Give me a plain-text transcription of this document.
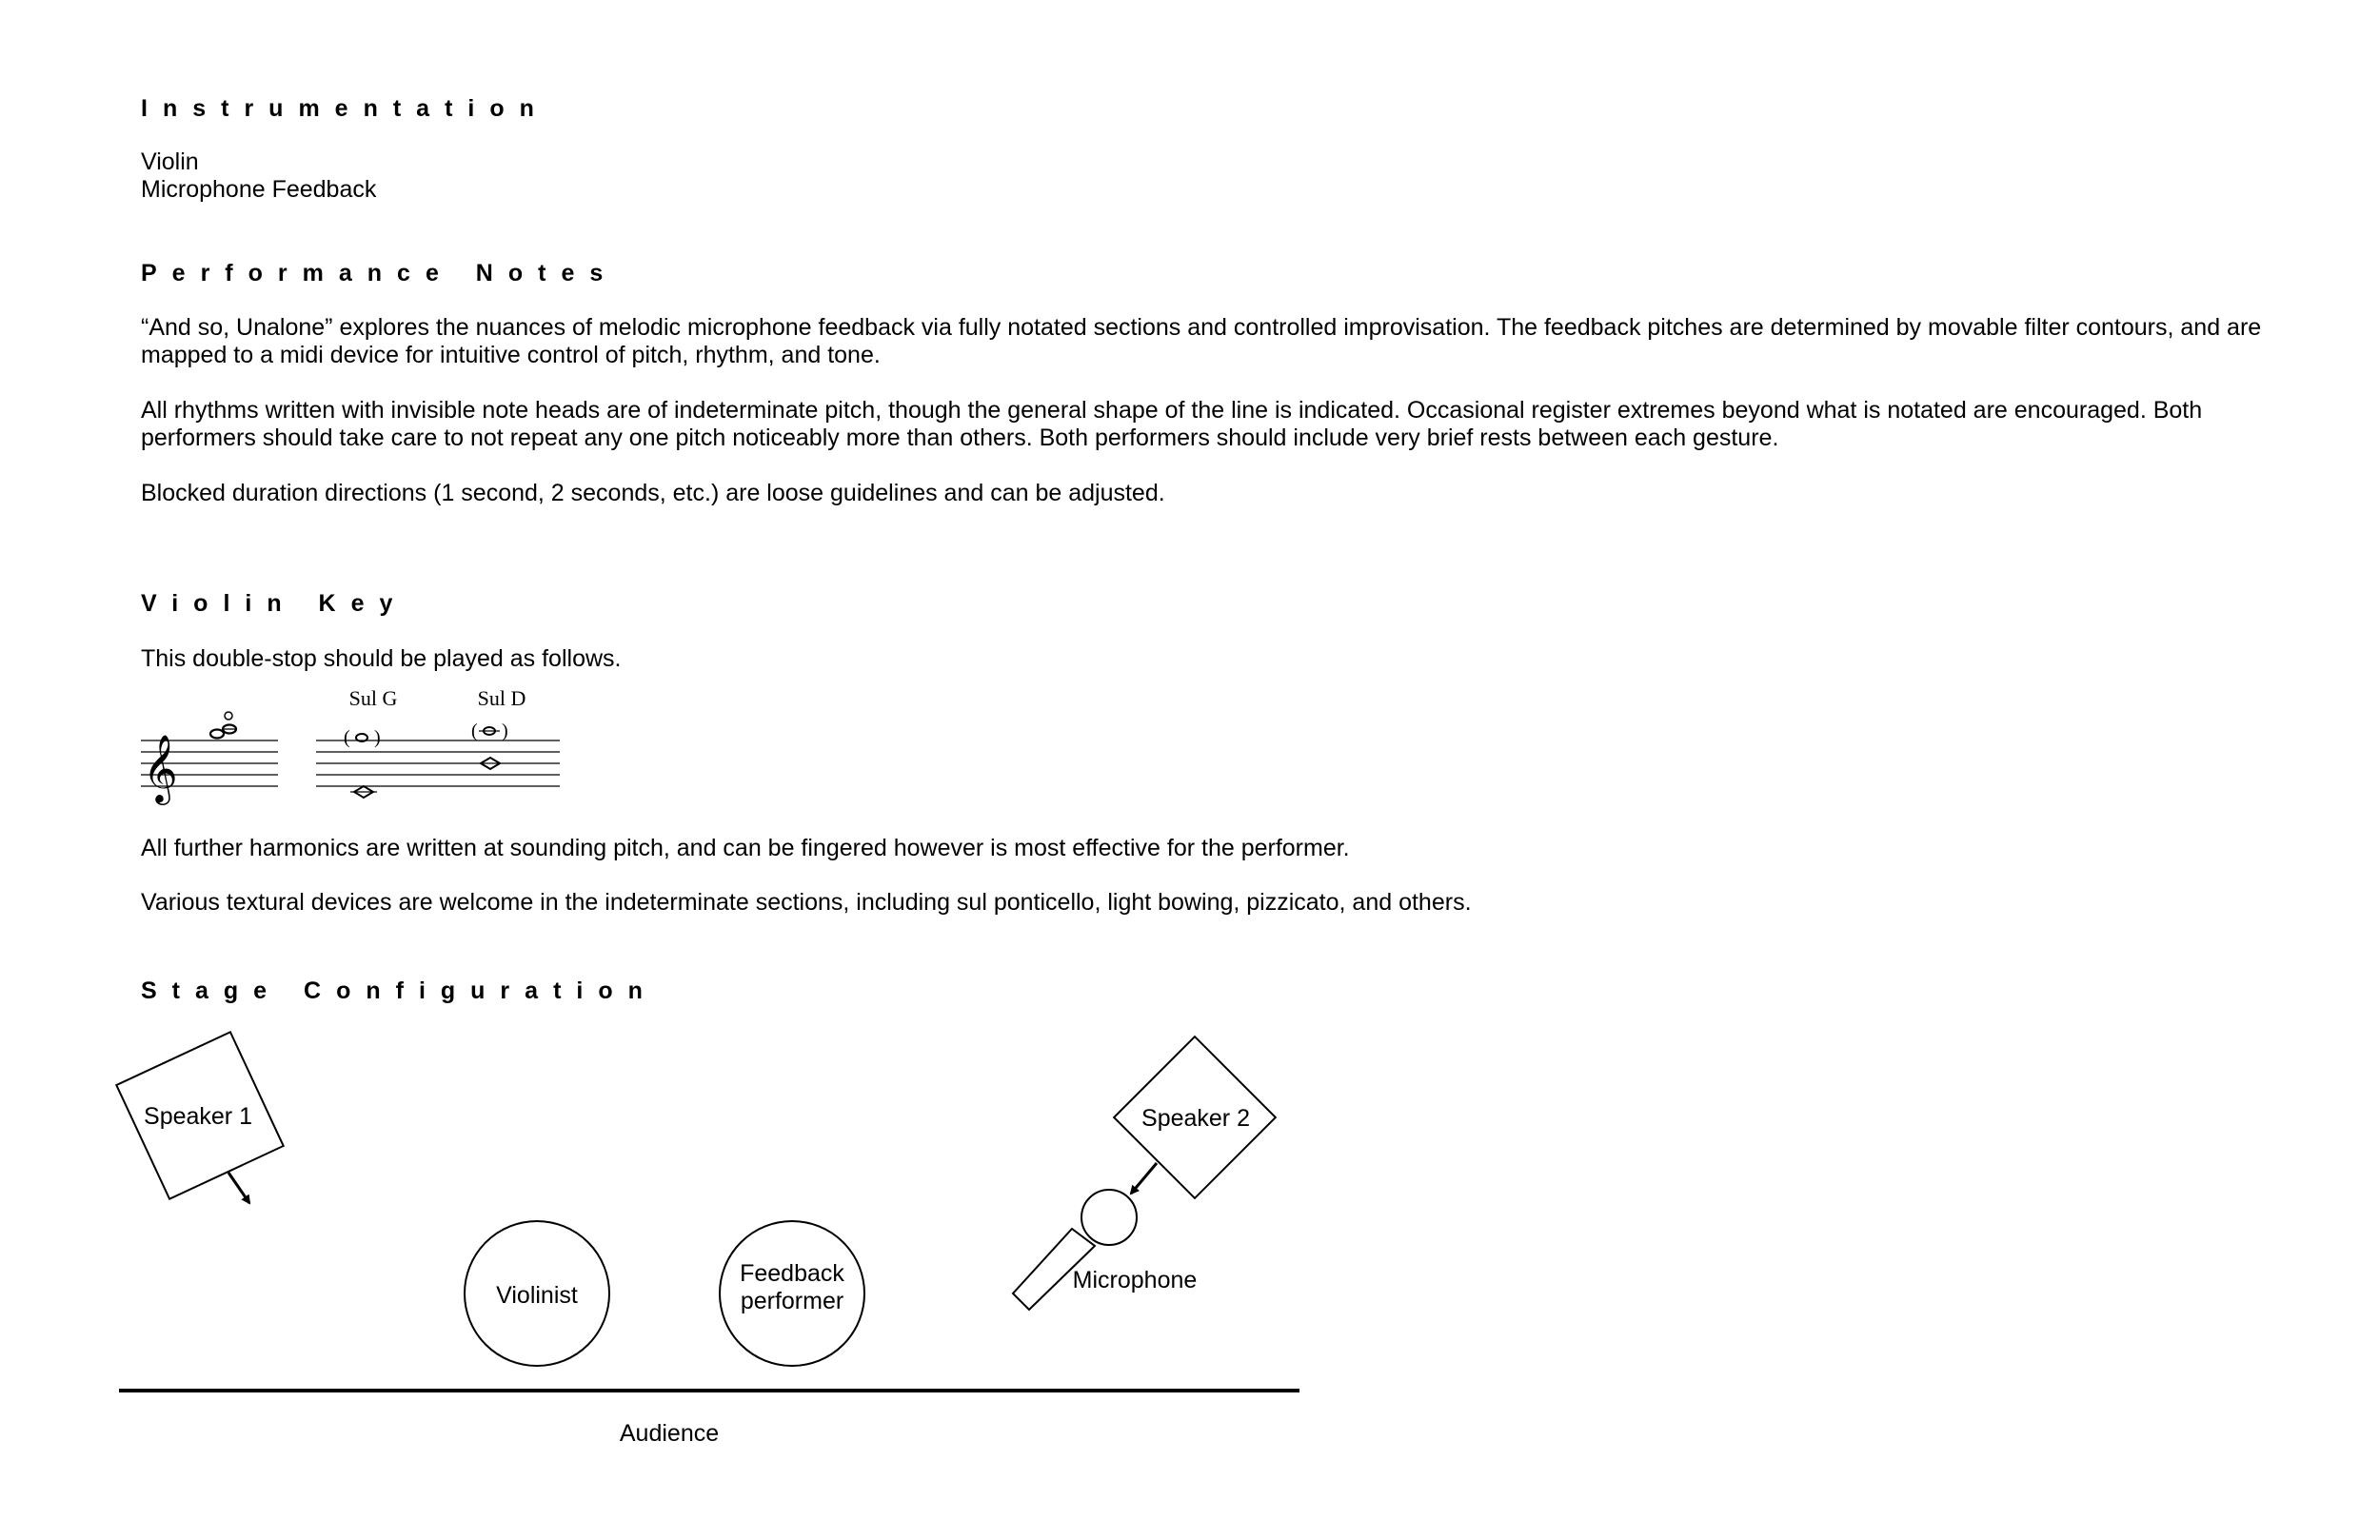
Instrumentation
Violin
Microphone Feedback
Performance Notes
“And so, Unalone” explores the nuances of melodic microphone feedback via fully notated sections and controlled improvisation. The feedback pitches are determined by movable filter contours, and are mapped to a midi device for intuitive control of pitch, rhythm, and tone.
All rhythms written with invisible note heads are of indeterminate pitch, though the general shape of the line is indicated. Occasional register extremes beyond what is notated are encouraged. Both performers should take care to not repeat any one pitch noticeably more than others. Both performers should include very brief rests between each gesture.
Blocked duration directions (1 second, 2 seconds, etc.) are loose guidelines and can be adjusted.
Violin Key
This double-stop should be played as follows.
𝄞
Sul G	Sul D
( )	( )
All further harmonics are written at sounding pitch, and can be fingered however is most effective for the performer.
Various textural devices are welcome in the indeterminate sections, including sul ponticello, light bowing, pizzicato, and others.
Stage Configuration
Speaker 1	Speaker 2
Microphone
Violinist
Feedback
performer
Audience
